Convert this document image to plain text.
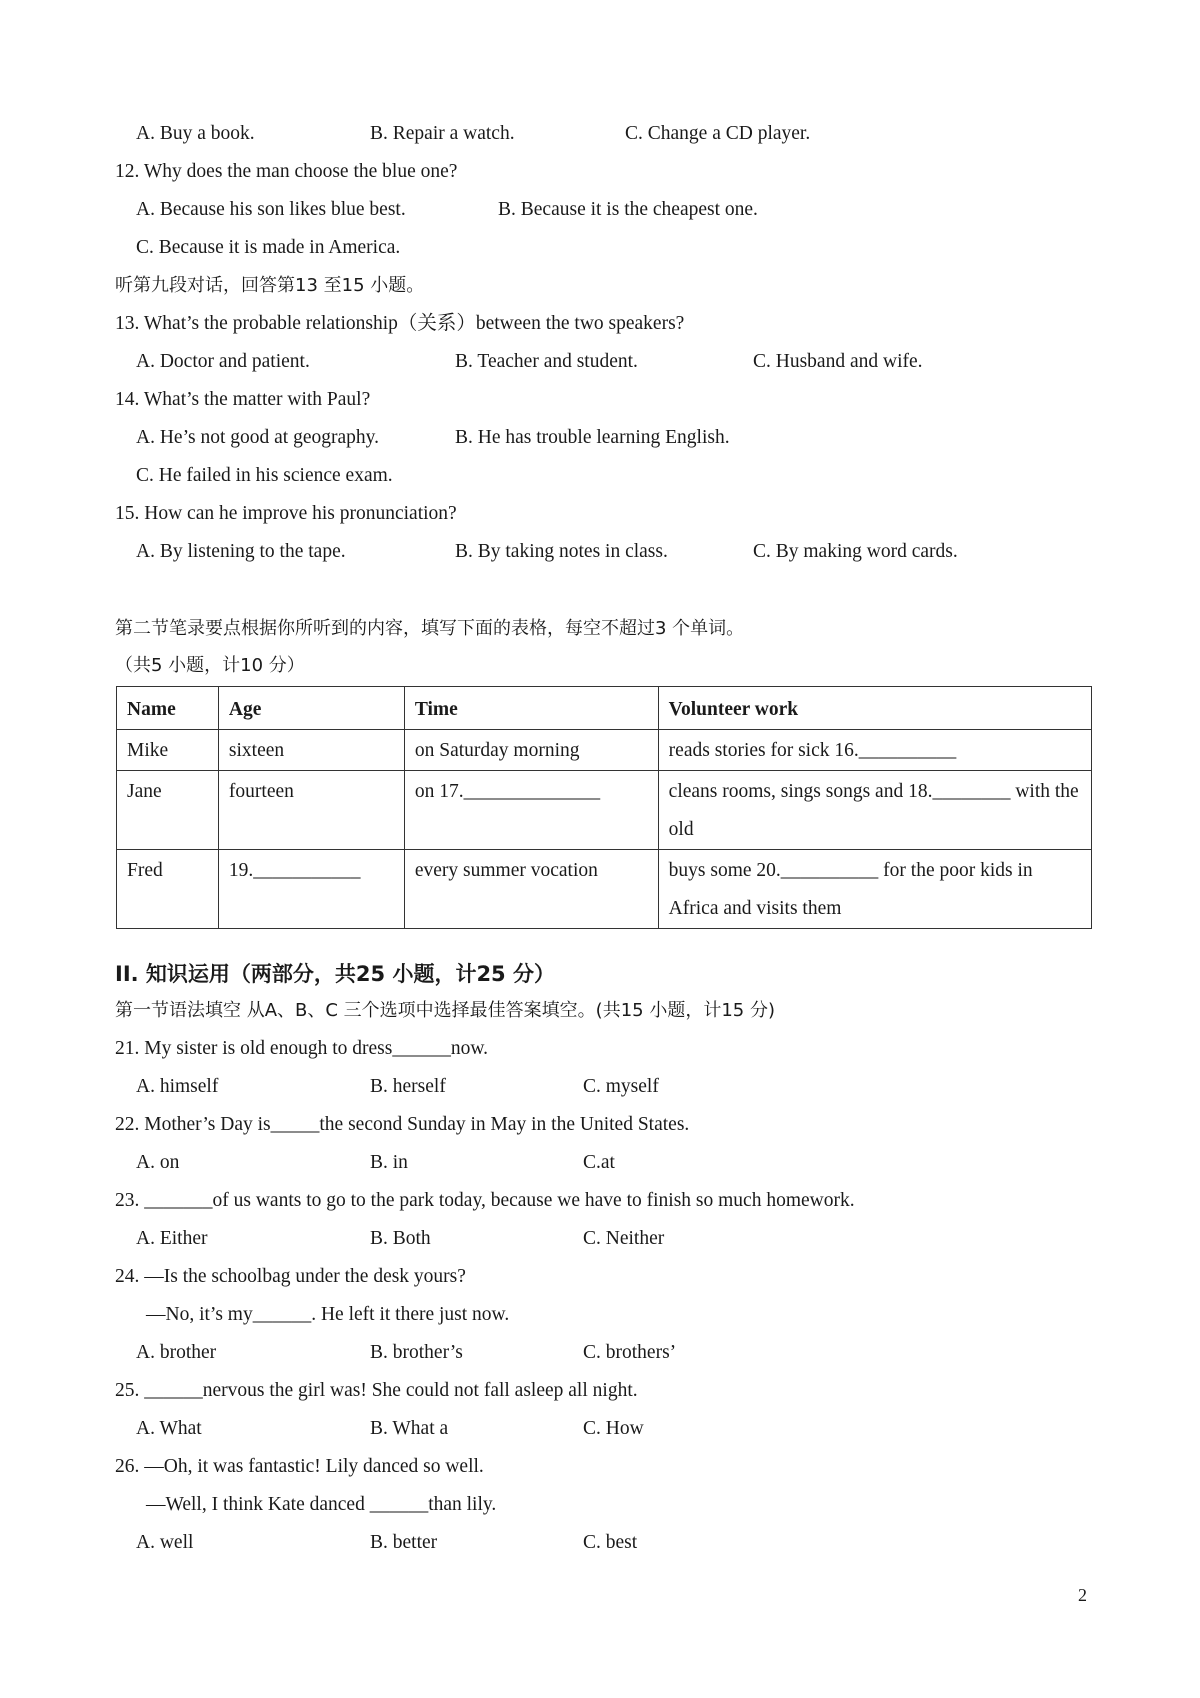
A. Buy a book.	B. Repair a watch.	C. Change a CD player.
12. Why does the man choose the blue one?
A. Because his son likes blue best.	B. Because it is the cheapest one.
C. Because it is made in America.
听第九段对话，回答第13 至15 小题。
13. What’s the probable relationship（关系）between the two speakers?
A. Doctor and patient.	B. Teacher and student.	C. Husband and wife.
14. What’s the matter with Paul?
A. He’s not good at geography.	B. He has trouble learning English.
C. He failed in his science exam.
15. How can he improve his pronunciation?
A. By listening to the tape.	B. By taking notes in class.	C. By making word cards.
第二节笔录要点根据你所听到的内容，填写下面的表格，每空不超过3 个单词。
（共5 小题，计10 分）
Name	Age	Time	Volunteer work
Mike	sixteen	on Saturday morning	reads stories for sick 16.__________
Jane	fourteen	on 17.______________	cleans rooms, sings songs and 18.________ with the old
Fred	19.___________	every summer vocation	buys some 20.__________ for the poor kids in Africa and visits them
II. 知识运用（两部分，共25 小题，计25 分）
第一节语法填空 从A、B、C 三个选项中选择最佳答案填空。(共15 小题，计15 分)
21. My sister is old enough to dress______now.
A. himself	B. herself	C. myself
22. Mother’s Day is_____the second Sunday in May in the United States.
A. on	B. in	C.at
23. _______of us wants to go to the park today, because we have to finish so much homework.
A. Either	B. Both	C. Neither
24. —Is the schoolbag under the desk yours?
—No, it’s my______. He left it there just now.
A. brother	B. brother’s	C. brothers’
25. ______nervous the girl was! She could not fall asleep all night.
A. What	B. What a	C. How
26. —Oh, it was fantastic! Lily danced so well.
—Well, I think Kate danced ______than lily.
A. well	B. better	C. best
2
